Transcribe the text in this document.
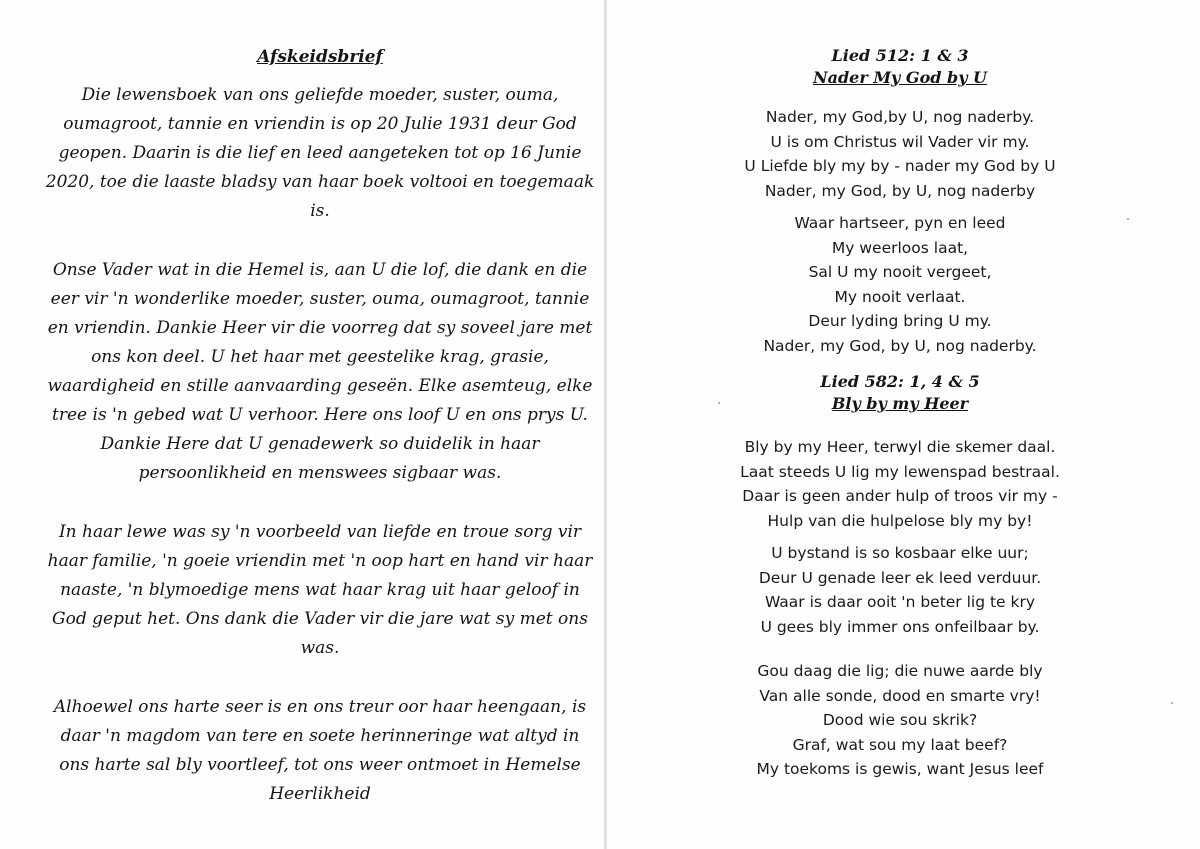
Afskeidsbrief

Die lewensboek van ons geliefde moeder, suster, ouma, oumagroot, tannie en vriendin is op 20 Julie 1931 deur God geopen. Daarin is die lief en leed aangeteken tot op 16 Junie 2020, toe die laaste bladsy van haar boek voltooi en toegemaak is.

Onse Vader wat in die Hemel is, aan U die lof, die dank en die eer vir 'n wonderlike moeder, suster, ouma, oumagroot, tannie en vriendin. Dankie Heer vir die voorreg dat sy soveel jare met ons kon deel. U het haar met geestelike krag, grasie, waardigheid en stille aanvaarding geseën. Elke asemteug, elke tree is 'n gebed wat U verhoor. Here ons loof U en ons prys U. Dankie Here dat U genadewerk so duidelik in haar persoonlikheid en menswees sigbaar was.

In haar lewe was sy 'n voorbeeld van liefde en troue sorg vir haar familie, 'n goeie vriendin met 'n oop hart en hand vir haar naaste, 'n blymoedige mens wat haar krag uit haar geloof in God geput het. Ons dank die Vader vir die jare wat sy met ons was.

Alhoewel ons harte seer is en ons treur oor haar heengaan, is daar 'n magdom van tere en soete herinneringe wat altyd in ons harte sal bly voortleef, tot ons weer ontmoet in Hemelse Heerlikheid

Lied 512: 1 & 3
Nader My God by U
Nader, my God,by U, nog naderby.
U is om Christus wil Vader vir my.
U Liefde bly my by - nader my God by U
Nader, my God, by U, nog naderby
Waar hartseer, pyn en leed
My weerloos laat,
Sal U my nooit vergeet,
My nooit verlaat.
Deur lyding bring U my.
Nader, my God, by U, nog naderby.
Lied 582: 1, 4 & 5
Bly by my Heer
Bly by my Heer, terwyl die skemer daal.
Laat steeds U lig my lewenspad bestraal.
Daar is geen ander hulp of troos vir my -
Hulp van die hulpelose bly my by!
U bystand is so kosbaar elke uur;
Deur U genade leer ek leed verduur.
Waar is daar ooit 'n beter lig te kry
U gees bly immer ons onfeilbaar by.
Gou daag die lig; die nuwe aarde bly
Van alle sonde, dood en smarte vry!
Dood wie sou skrik?
Graf, wat sou my laat beef?
My toekoms is gewis, want Jesus leef
